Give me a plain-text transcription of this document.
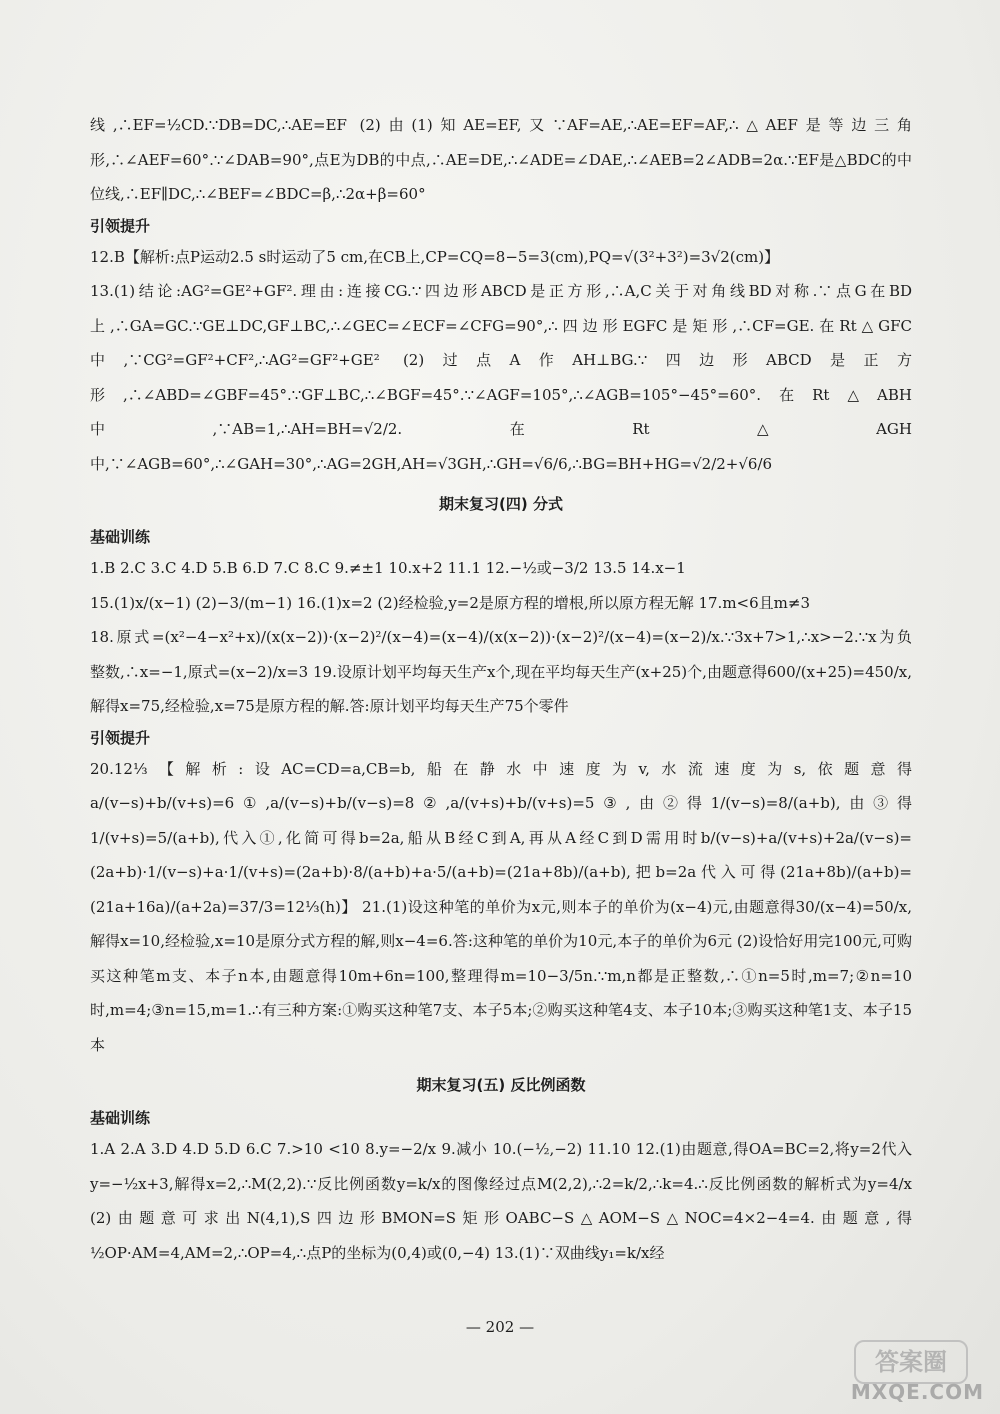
线,∴EF=½CD.∵DB=DC,∴AE=EF (2)由(1)知AE=EF,又∵AF=AE,∴AE=EF=AF,∴△AEF是等边三角形,∴∠AEF=60°.∵∠DAB=90°,点E为DB的中点,∴AE=DE,∴∠ADE=∠DAE,∴∠AEB=2∠ADB=2α.∵EF是△BDC的中位线,∴EF∥DC,∴∠BEF=∠BDC=β,∴2α+β=60°

引领提升

12.B【解析:点P运动2.5 s时运动了5 cm,在CB上,CP=CQ=8−5=3(cm),PQ=√(3²+3²)=3√2(cm)】

13.(1)结论:AG²=GE²+GF².理由:连接CG.∵四边形ABCD是正方形,∴A,C关于对角线BD对称.∵点G在BD上,∴GA=GC.∵GE⊥DC,GF⊥BC,∴∠GEC=∠ECF=∠CFG=90°,∴四边形EGFC是矩形,∴CF=GE.在Rt△GFC中,∵CG²=GF²+CF²,∴AG²=GF²+GE² (2)过点A作AH⊥BG.∵四边形ABCD是正方形,∴∠ABD=∠GBF=45°.∵GF⊥BC,∴∠BGF=45°.∵∠AGF=105°,∴∠AGB=105°−45°=60°.在Rt△ABH中,∵AB=1,∴AH=BH=√2/2.在Rt△AGH中,∵∠AGB=60°,∴∠GAH=30°,∴AG=2GH,AH=√3GH,∴GH=√6/6,∴BG=BH+HG=√2/2+√6/6

期末复习(四) 分式
基础训练

1.B 2.C 3.C 4.D 5.B 6.D 7.C 8.C 9.≠±1 10.x+2 11.1 12.−½或−3/2 13.5 14.x−1

15.(1)x/(x−1) (2)−3/(m−1) 16.(1)x=2 (2)经检验,y=2是原方程的增根,所以原方程无解 17.m<6且m≠3

18.原式=(x²−4−x²+x)/(x(x−2))·(x−2)²/(x−4)=(x−4)/(x(x−2))·(x−2)²/(x−4)=(x−2)/x.∵3x+7>1,∴x>−2.∵x为负整数,∴x=−1,原式=(x−2)/x=3 19.设原计划平均每天生产x个,现在平均每天生产(x+25)个,由题意得600/(x+25)=450/x,解得x=75,经检验,x=75是原方程的解.答:原计划平均每天生产75个零件

引领提升

20.12⅓【解析:设AC=CD=a,CB=b,船在静水中速度为v,水流速度为s,依题意得a/(v−s)+b/(v+s)=6①,a/(v−s)+b/(v−s)=8②,a/(v+s)+b/(v+s)=5③,由②得1/(v−s)=8/(a+b),由③得1/(v+s)=5/(a+b),代入①,化简可得b=2a,船从B经C到A,再从A经C到D需用时b/(v−s)+a/(v+s)+2a/(v−s)=(2a+b)·1/(v−s)+a·1/(v+s)=(2a+b)·8/(a+b)+a·5/(a+b)=(21a+8b)/(a+b),把b=2a代入可得(21a+8b)/(a+b)=(21a+16a)/(a+2a)=37/3=12⅓(h)】 21.(1)设这种笔的单价为x元,则本子的单价为(x−4)元,由题意得30/(x−4)=50/x,解得x=10,经检验,x=10是原分式方程的解,则x−4=6.答:这种笔的单价为10元,本子的单价为6元 (2)设恰好用完100元,可购买这种笔m支、本子n本,由题意得10m+6n=100,整理得m=10−3/5n.∵m,n都是正整数,∴①n=5时,m=7;②n=10时,m=4;③n=15,m=1.∴有三种方案:①购买这种笔7支、本子5本;②购买这种笔4支、本子10本;③购买这种笔1支、本子15本

期末复习(五) 反比例函数
基础训练

1.A 2.A 3.D 4.D 5.D 6.C 7.>10 <10 8.y=−2/x 9.减小 10.(−½,−2) 11.10 12.(1)由题意,得OA=BC=2,将y=2代入y=−½x+3,解得x=2,∴M(2,2).∵反比例函数y=k/x的图像经过点M(2,2),∴2=k/2,∴k=4.∴反比例函数的解析式为y=4/x (2)由题意可求出N(4,1),S四边形BMON=S矩形OABC−S△AOM−S△NOC=4×2−4=4.由题意,得½OP·AM=4,AM=2,∴OP=4,∴点P的坐标为(0,4)或(0,−4) 13.(1)∵双曲线y₁=k/x经

— 202 —
答案圈
MXQE.COM
